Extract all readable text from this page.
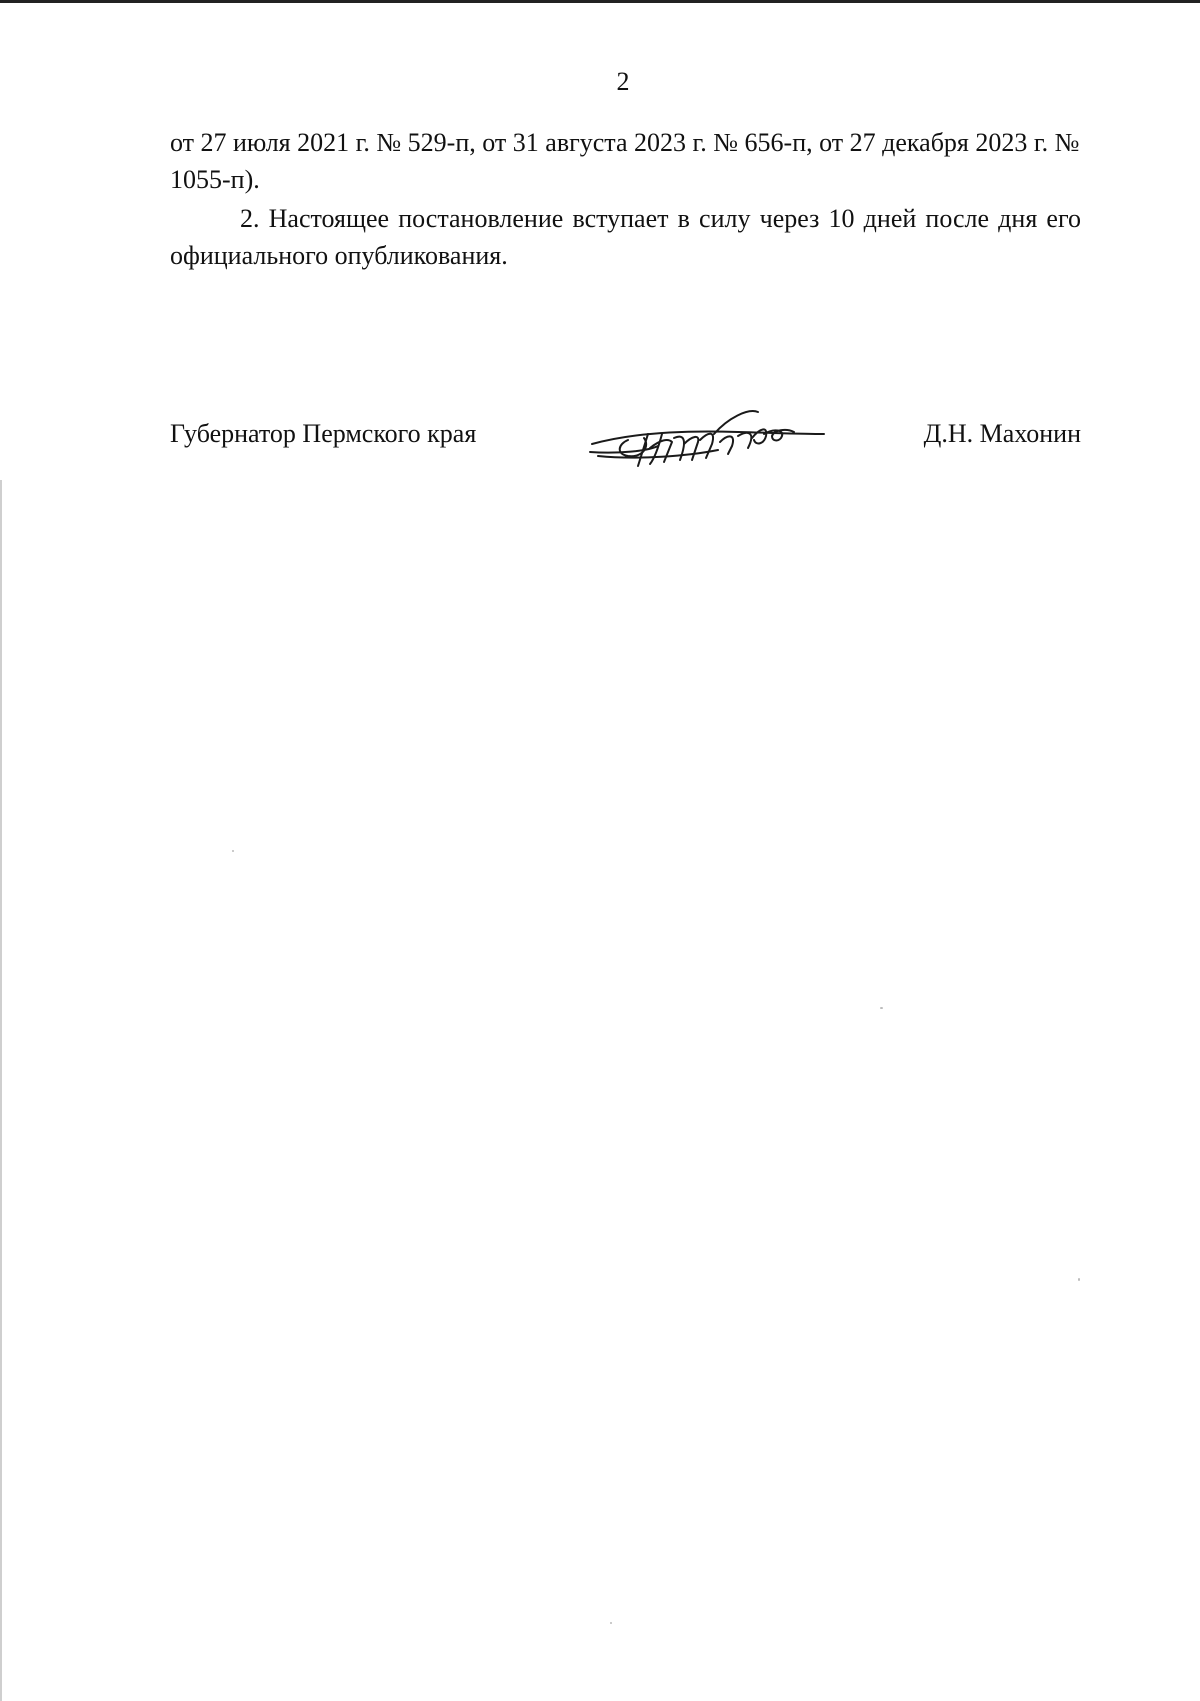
2

от 27 июля 2021 г. № 529-п, от 31 августа 2023 г. № 656-п, от 27 декабря 2023 г. № 1055-п).

2. Настоящее постановление вступает в силу через 10 дней после дня его официального опубликования.

Губернатор Пермского края	Д.Н. Махонин
